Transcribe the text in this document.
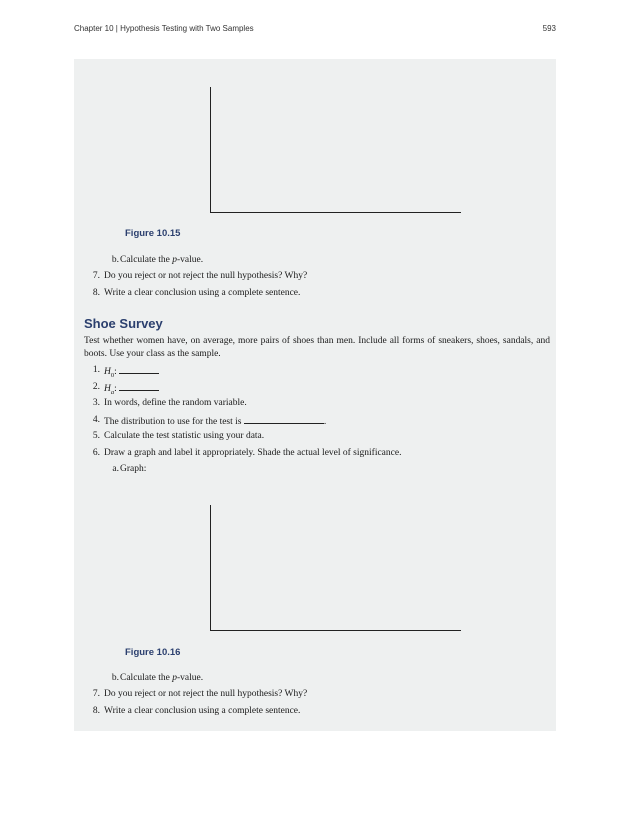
Chapter 10 | Hypothesis Testing with Two Samples	593
Figure 10.15
b. Calculate the p-value.
7. Do you reject or not reject the null hypothesis? Why?
8. Write a clear conclusion using a complete sentence.
Shoe Survey
Test whether women have, on average, more pairs of shoes than men. Include all forms of sneakers, shoes, sandals, and boots. Use your class as the sample.
1. $H_0$:
2. $H_a$:
3. In words, define the random variable.
4. The distribution to use for the test is	.
5. Calculate the test statistic using your data.
6. Draw a graph and label it appropriately. Shade the actual level of significance.
a. Graph:
Figure 10.16
b. Calculate the p-value.
7. Do you reject or not reject the null hypothesis? Why?
8. Write a clear conclusion using a complete sentence.
